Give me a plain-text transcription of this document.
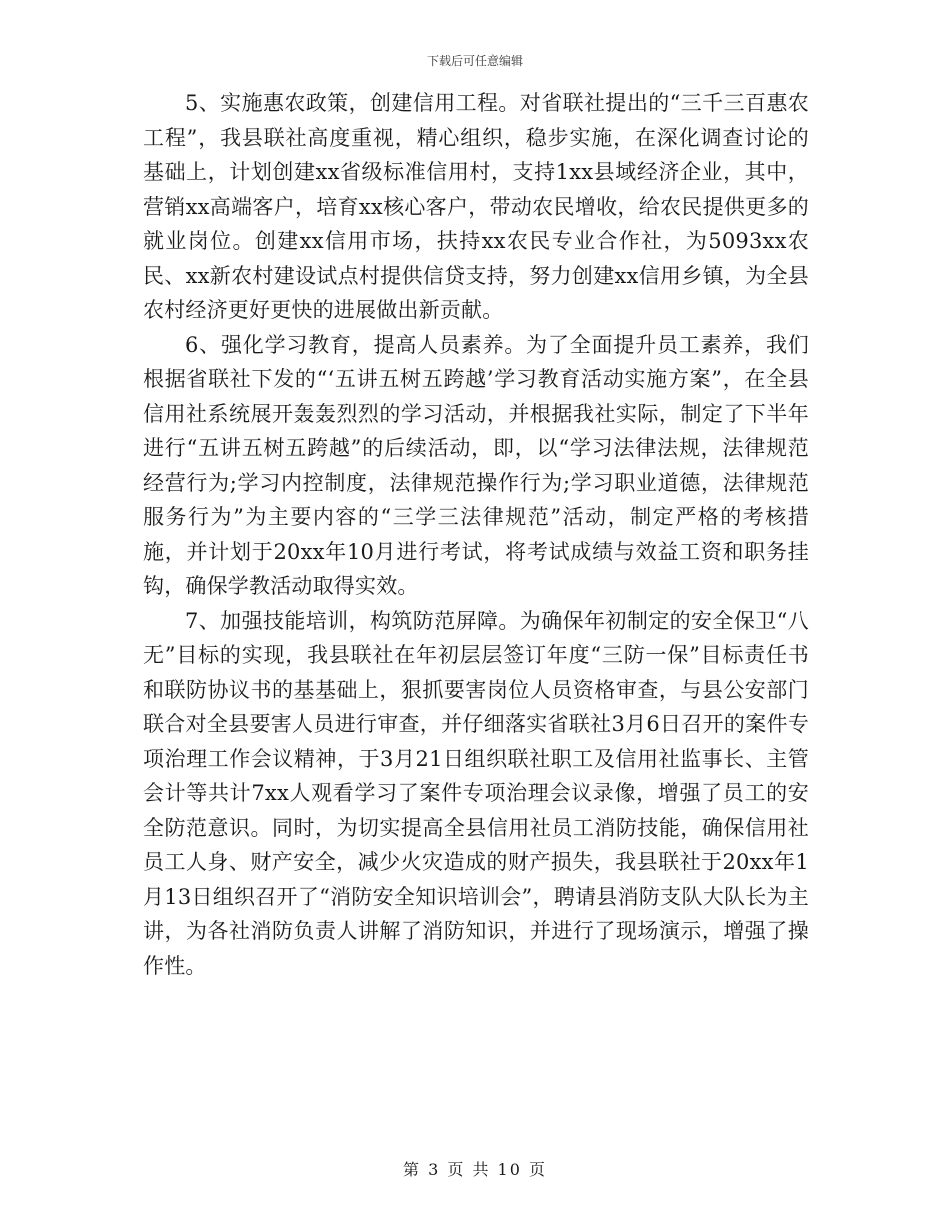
下载后可任意编辑

5、实施惠农政策，创建信用工程。对省联社提出的“三千三百惠农工程”，我县联社高度重视，精心组织，稳步实施，在深化调查讨论的基础上，计划创建xx省级标准信用村，支持1xx县域经济企业，其中，营销xx高端客户，培育xx核心客户，带动农民增收，给农民提供更多的就业岗位。创建xx信用市场，扶持xx农民专业合作社，为5093xx农民、xx新农村建设试点村提供信贷支持，努力创建xx信用乡镇，为全县农村经济更好更快的进展做出新贡献。

6、强化学习教育，提高人员素养。为了全面提升员工素养，我们根据省联社下发的“‘五讲五树五跨越’学习教育活动实施方案”，在全县信用社系统展开轰轰烈烈的学习活动，并根据我社实际，制定了下半年进行“五讲五树五跨越”的后续活动，即，以“学习法律法规，法律规范经营行为;学习内控制度，法律规范操作行为;学习职业道德，法律规范服务行为”为主要内容的“三学三法律规范”活动，制定严格的考核措施，并计划于20xx年10月进行考试，将考试成绩与效益工资和职务挂钩，确保学教活动取得实效。

7、加强技能培训，构筑防范屏障。为确保年初制定的安全保卫“八无”目标的实现，我县联社在年初层层签订年度“三防一保”目标责任书和联防协议书的基基础上，狠抓要害岗位人员资格审查，与县公安部门联合对全县要害人员进行审查，并仔细落实省联社3月6日召开的案件专项治理工作会议精神，于3月21日组织联社职工及信用社监事长、主管会计等共计7xx人观看学习了案件专项治理会议录像，增强了员工的安全防范意识。同时，为切实提高全县信用社员工消防技能，确保信用社员工人身、财产安全，减少火灾造成的财产损失，我县联社于20xx年1月13日组织召开了“消防安全知识培训会”，聘请县消防支队大队长为主讲，为各社消防负责人讲解了消防知识，并进行了现场演示，增强了操作性。

第 3 页 共 10 页
